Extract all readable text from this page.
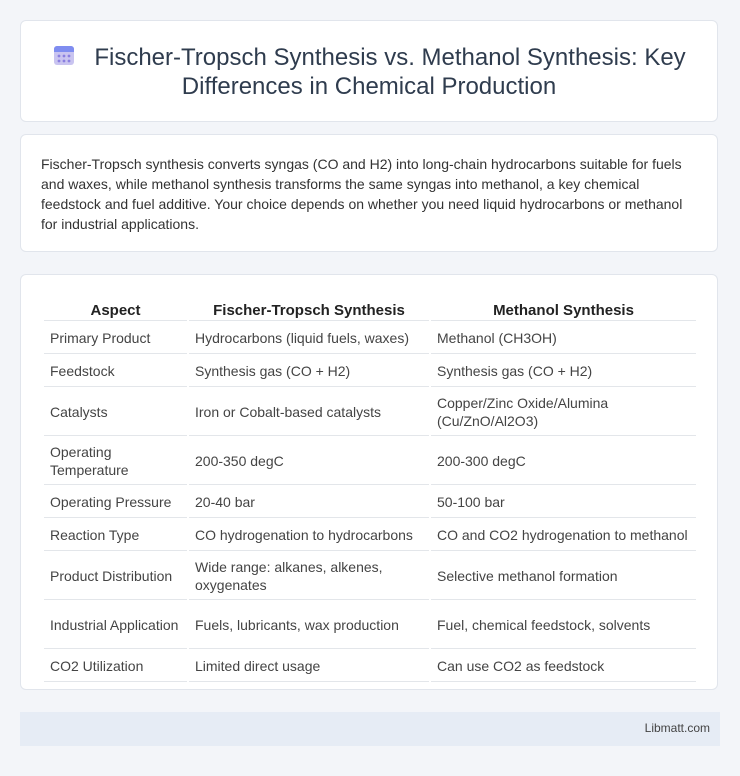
Fischer-Tropsch Synthesis vs. Methanol Synthesis: Key Differences in Chemical Production
Fischer-Tropsch synthesis converts syngas (CO and H2) into long-chain hydrocarbons suitable for fuels and waxes, while methanol synthesis transforms the same syngas into methanol, a key chemical feedstock and fuel additive. Your choice depends on whether you need liquid hydrocarbons or methanol for industrial applications.
Aspect	Fischer-Tropsch Synthesis	Methanol Synthesis
Primary Product	Hydrocarbons (liquid fuels, waxes)	Methanol (CH3OH)
Feedstock	Synthesis gas (CO + H2)	Synthesis gas (CO + H2)
Catalysts	Iron or Cobalt-based catalysts	Copper/Zinc Oxide/Alumina (Cu/ZnO/Al2O3)
Operating Temperature	200-350 degC	200-300 degC
Operating Pressure	20-40 bar	50-100 bar
Reaction Type	CO hydrogenation to hydrocarbons	CO and CO2 hydrogenation to methanol
Product Distribution	Wide range: alkanes, alkenes, oxygenates	Selective methanol formation
Industrial Application	Fuels, lubricants, wax production	Fuel, chemical feedstock, solvents
CO2 Utilization	Limited direct usage	Can use CO2 as feedstock
Libmatt.com
